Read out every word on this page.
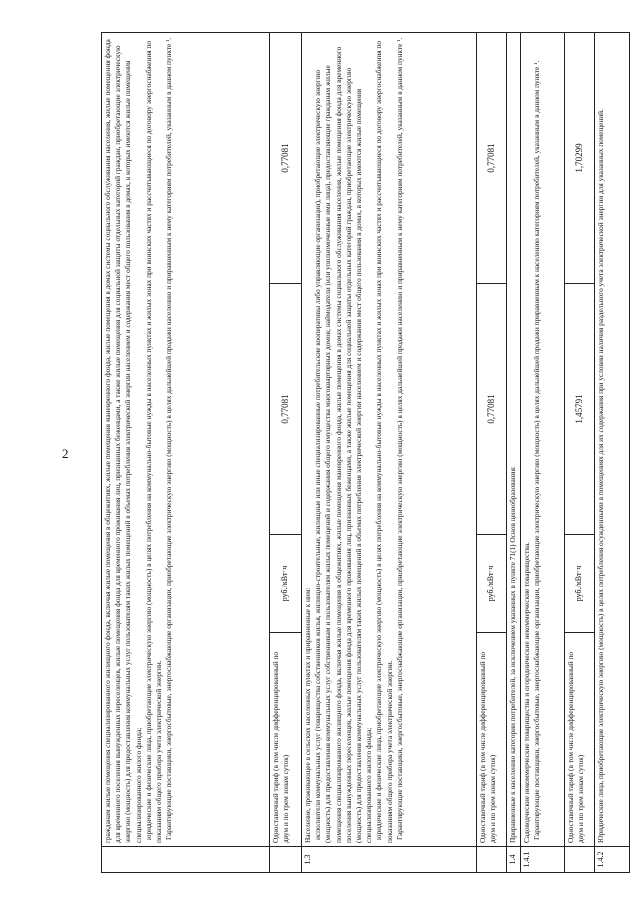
2

	гражданам жилые помещения специализированного жилищного фонда, включая жилые помещения в общежитиях, жилые помещения маневренного фонда, жилые помещения в домах системы социального обслуживания населения, жилые помещения фонда для временного поселения вынужденных переселенцев, жилые помещения фонда для временного проживания лиц, признанных беженцами, а также жилые помещения для социальной защиты отдельных категорий граждан, приобретающие электрическую энергию (мощность) для предоставления коммунальных услуг пользователям таких жилых помещений в объемах потребления электрической энергии населением и содержания мест общего пользования в домах, в которых имеются жилые помещения специализированного жилого фонда; юридические и физические лица, приобретающие электрическую энергию (мощность) в целях потребления на коммунально-бытовые нужды в населенных пунктах и жилых зонах при воинских частях и рассчитывающиеся по договору энергоснабжения по показаниям общего прибора учета электрической энергии. Гарантирующие поставщики, энергосбытовые, энергоснабжающие организации, приобретающие электрическую энергию (мощность) в целях дальнейшей продажи населению и приравненным к нему категориям потребителей, указанным в данном пункте ¹.			

	Одноставочный тариф (в том числе дифференцированный по двум и по трем зонам суток)	руб./кВт·ч	0,77081	0,77081
1.3	Население, проживающее в сельских населенных пунктах и приравненные к ним: исполнители коммунальных услуг (товарищества собственников жилья, жилищно-строительные, жилищные или иные специализированные потребительские кооперативы либо управляющие организации), приобретающие электрическую энергию (мощность) для предоставления коммунальных услуг собственникам и пользователям жилых помещений и содержания общего имущества многоквартирных домов; наймодатели (или уполномоченные ими лица), предоставляющие гражданам жилые помещения специализированного жилищного фонда, включая жилые помещения в общежитиях, жилые помещения маневренного фонда, жилые помещения в домах системы социального обслуживания населения, жилые помещения фонда для временного поселения вынужденных переселенцев, жилые помещения фонда для временного проживания лиц, признанных беженцами, а также жилые помещения для социальной защиты отдельных категорий граждан, приобретающие электрическую энергию (мощность) для предоставления коммунальных услуг пользователям таких жилых помещений в объемах потребления электрической энергии населением и содержания мест общего пользования в домах, в которых имеются жилые помещения специализированного жилого фонда; юридические и физические лица, приобретающие электрическую энергию (мощность) в целях потребления на коммунально-бытовые нужды в населенных пунктах и жилых зонах при воинских частях и рассчитывающиеся по договору энергоснабжения по показаниям общего прибора учета электрической энергии. Гарантирующие поставщики, энергосбытовые, энергоснабжающие организации, приобретающие электрическую энергию (мощность) в целях дальнейшей продажи населению и приравненным к нему категориям потребителей, указанным в данном пункте ¹.			

	Одноставочный тариф (в том числе дифференцированный по двум и по трем зонам суток)	руб./кВт·ч	0,77081	0,77081
1.4	Приравненные к населению категории потребителей, за исключением указанных в пункте 71(1) Основ ценообразования:			
1.4.1	Садоводческие некоммерческие товарищества и огороднические некоммерческие товарищества. Гарантирующие поставщики, энергосбытовые, энергоснабжающие организации, приобретающие электрическую энергию (мощность) в целях дальнейшей продажи приравненным к населению категориям потребителей, указанным в данном пункте ¹.			

	Одноставочный тариф (в том числе дифференцированный по двум и по трем зонам суток)	руб./кВт·ч	1,45791	1,70299
1.4.2	Юридические лица, приобретающие электрическую энергию (мощность) в целях потребления осужденными в помещениях для их содержания при условии наличия раздельного учета электрической энергии для указанных помещений.			
